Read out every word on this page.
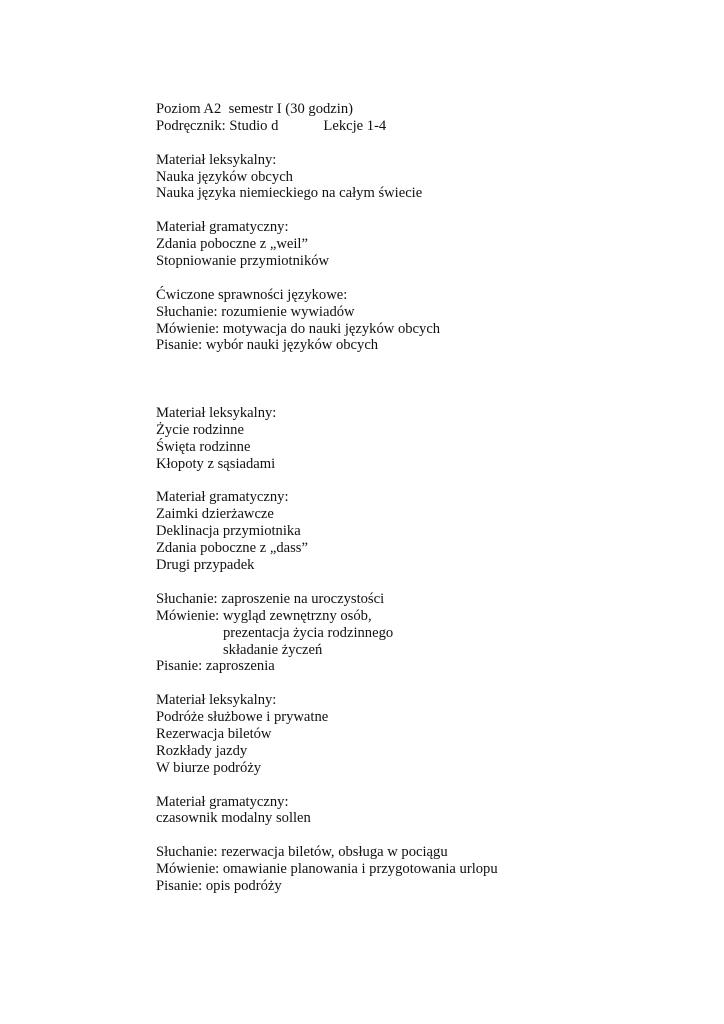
Poziom A2  semestr I (30 godzin)
Podręcznik: Studio d	Lekcje 1-4
Materiał leksykalny:
Nauka języków obcych
Nauka języka niemieckiego na całym świecie
Materiał gramatyczny:
Zdania poboczne z „weil”
Stopniowanie przymiotników
Ćwiczone sprawności językowe:
Słuchanie: rozumienie wywiadów
Mówienie: motywacja do nauki języków obcych
Pisanie: wybór nauki języków obcych
Materiał leksykalny:
Życie rodzinne
Święta rodzinne
Kłopoty z sąsiadami
Materiał gramatyczny:
Zaimki dzierżawcze
Deklinacja przymiotnika
Zdania poboczne z „dass”
Drugi przypadek
Słuchanie: zaproszenie na uroczystości
Mówienie: wygląd zewnętrzny osób,
prezentacja życia rodzinnego
składanie życzeń
Pisanie: zaproszenia
Materiał leksykalny:
Podróże służbowe i prywatne
Rezerwacja biletów
Rozkłady jazdy
W biurze podróży
Materiał gramatyczny:
czasownik modalny sollen
Słuchanie: rezerwacja biletów, obsługa w pociągu
Mówienie: omawianie planowania i przygotowania urlopu
Pisanie: opis podróży
